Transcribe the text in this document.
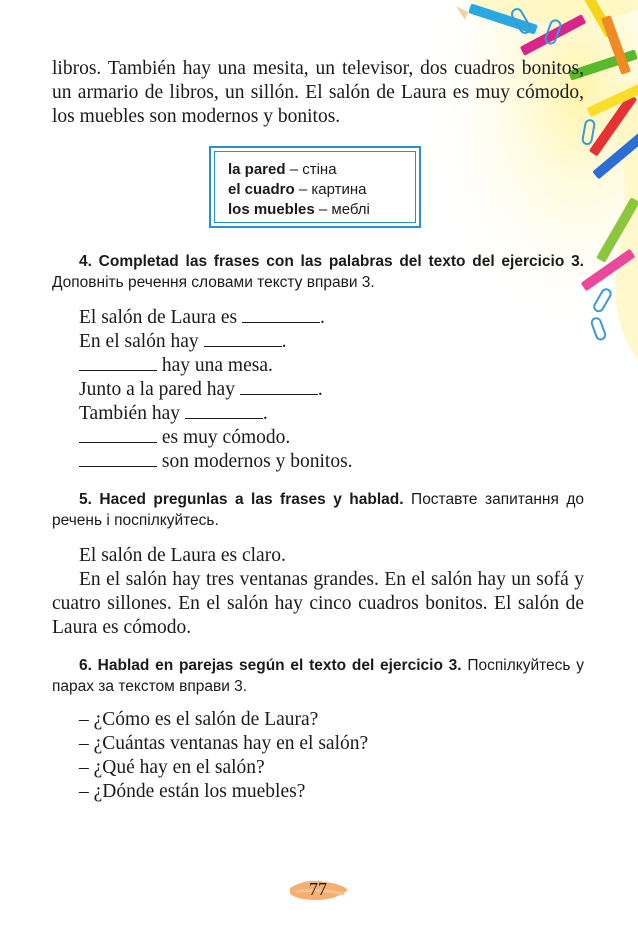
libros. También hay una mesita, un televisor, dos cuadros bonitos, un armario de libros, un sillón. El salón de Laura es muy cómodo, los muebles son modernos y bonitos.
la pared – стіна
el cuadro – картина
los muebles – меблі
4. Completad las frases con las palabras del texto del ejercicio 3. Доповніть речення словами тексту вправи 3.
El salón de Laura es	.
En el salón hay	.
hay una mesa.
Junto a la pared hay	.
También hay	.
es muy cómodo.
son modernos y bonitos.
5. Haced pregunlas a las frases y hablad. Поставте запитання до речень і поспілкуйтесь.
El salón de Laura es claro.
En el salón hay tres ventanas grandes. En el salón hay un sofá y cuatro sillones. En el salón hay cinco cuadros bonitos. El salón de Laura es cómodo.
6. Hablad en parejas según el texto del ejercicio 3. Поспілкуйтесь у парах за текстом вправи 3.
– ¿Cómo es el salón de Laura?
– ¿Cuántas ventanas hay en el salón?
– ¿Qué hay en el salón?
– ¿Dónde están los muebles?
77
